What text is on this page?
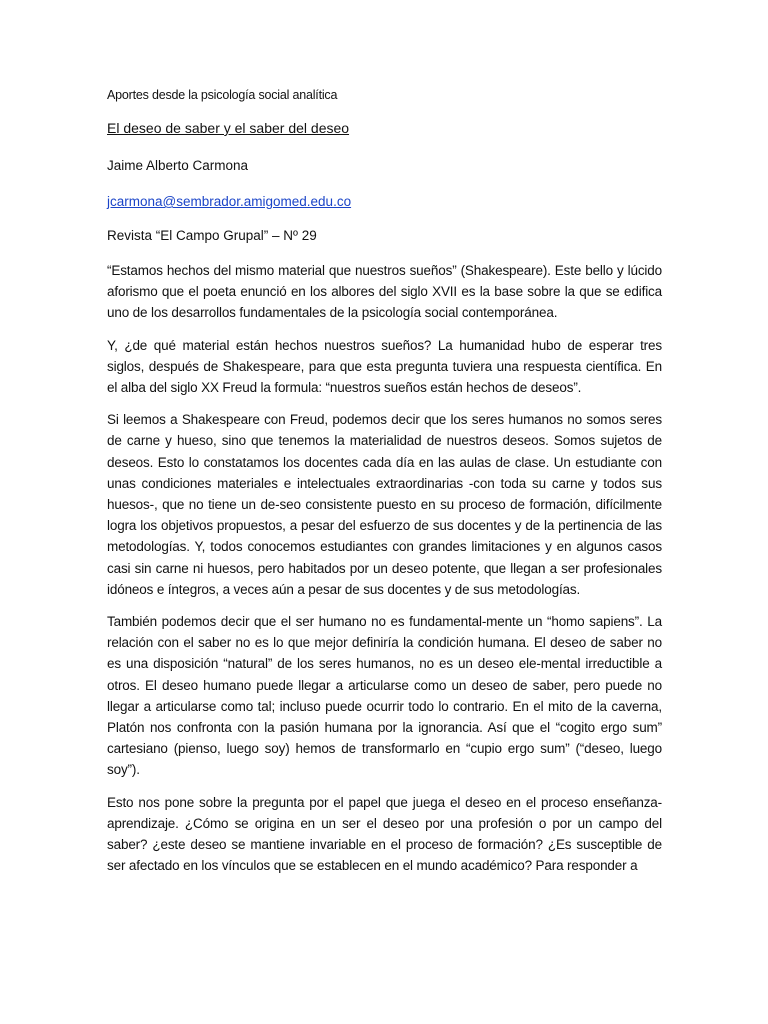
Aportes desde la psicología social analítica
El deseo de saber y el saber del deseo
Jaime Alberto Carmona
jcarmona@sembrador.amigomed.edu.co
Revista “El Campo Grupal” – Nº 29

“Estamos hechos del mismo material que nuestros sueños” (Shakespeare). Este bello y lúcido aforismo que el poeta enunció en los albores del siglo XVII es la base sobre la que se edifica uno de los desarrollos fundamentales de la psicología social contemporánea.

Y, ¿de qué material están hechos nuestros sueños? La humanidad hubo de esperar tres siglos, después de Shakespeare, para que esta pregunta tuviera una respuesta científica. En el alba del siglo XX Freud la formula: “nuestros sueños están hechos de deseos”.

Si leemos a Shakespeare con Freud, podemos decir que los seres humanos no somos seres de carne y hueso, sino que tenemos la materialidad de nuestros deseos. Somos sujetos de deseos. Esto lo constatamos los docentes cada día en las aulas de clase. Un estudiante con unas condiciones materiales e intelectuales extraordinarias -con toda su carne y todos sus huesos-, que no tiene un de-seo consistente puesto en su proceso de formación, difícilmente logra los objetivos propuestos, a pesar del esfuerzo de sus docentes y de la pertinencia de las metodologías. Y, todos conocemos estudiantes con grandes limitaciones y en algunos casos casi sin carne ni huesos, pero habitados por un deseo potente, que llegan a ser profesionales idóneos e íntegros, a veces aún a pesar de sus docentes y de sus metodologías.

También podemos decir que el ser humano no es fundamental-mente un “homo sapiens”. La relación con el saber no es lo que mejor definiría la condición humana. El deseo de saber no es una disposición “natural” de los seres humanos, no es un deseo ele-mental irreductible a otros. El deseo humano puede llegar a articularse como un deseo de saber, pero puede no llegar a articularse como tal; incluso puede ocurrir todo lo contrario. En el mito de la caverna, Platón nos confronta con la pasión humana por la ignorancia. Así que el “cogito ergo sum” cartesiano (pienso, luego soy) hemos de transformarlo en “cupio ergo sum” (“deseo, luego soy”).

Esto nos pone sobre la pregunta por el papel que juega el deseo en el proceso enseñanza-aprendizaje. ¿Cómo se origina en un ser el deseo por una profesión o por un campo del saber? ¿este deseo se mantiene invariable en el proceso de formación? ¿Es susceptible de ser afectado en los vínculos que se establecen en el mundo académico? Para responder a
